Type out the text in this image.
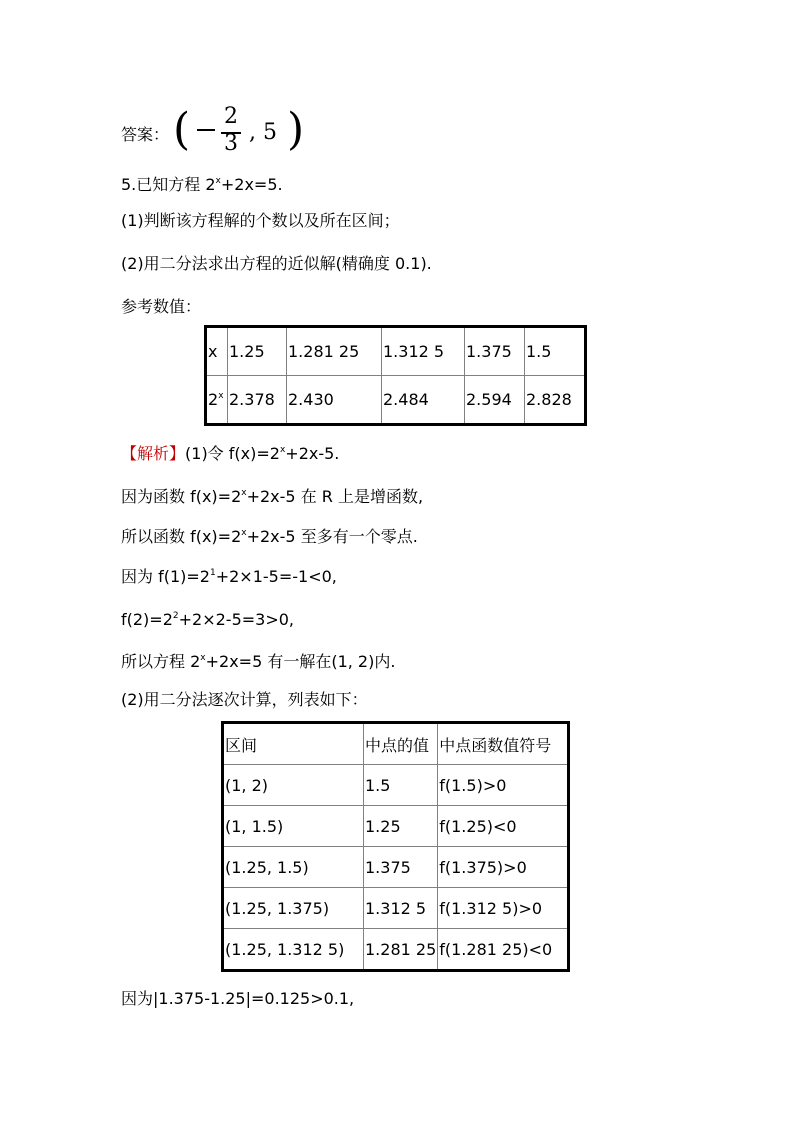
答案： ( 2
3 , 5 )
5.已知方程 $2^x+2x=5$.
(1)判断该方程解的个数以及所在区间；
(2)用二分法求出方程的近似解(精确度 0.1).
参考数值：
x	1.25	1.281 25	1.312 5	1.375	1.5
2$^x$	2.378	2.430	2.484	2.594	2.828
【解析】(1)令 $f(x)=2^x+2x-5$.
因为函数 $f(x)=2^x+2x-5$ 在 R 上是增函数,
所以函数 $f(x)=2^x+2x-5$ 至多有一个零点.
因为 $f(1)=2^1+2\times 1-5=-1<0$,
$f(2)=2^2+2\times 2-5=3>0$,
所以方程 $2^x+2x=5$ 有一解在(1, 2)内.
(2)用二分法逐次计算，列表如下：
区间	中点的值	中点函数值符号
(1, 2)	1.5	f(1.5)>0
(1, 1.5)	1.25	f(1.25)<0
(1.25, 1.5)	1.375	f(1.375)>0
(1.25, 1.375)	1.312 5	f(1.312 5)>0
(1.25, 1.312 5)	1.281 25	f(1.281 25)<0
因为|1.375-1.25|=0.125>0.1,
